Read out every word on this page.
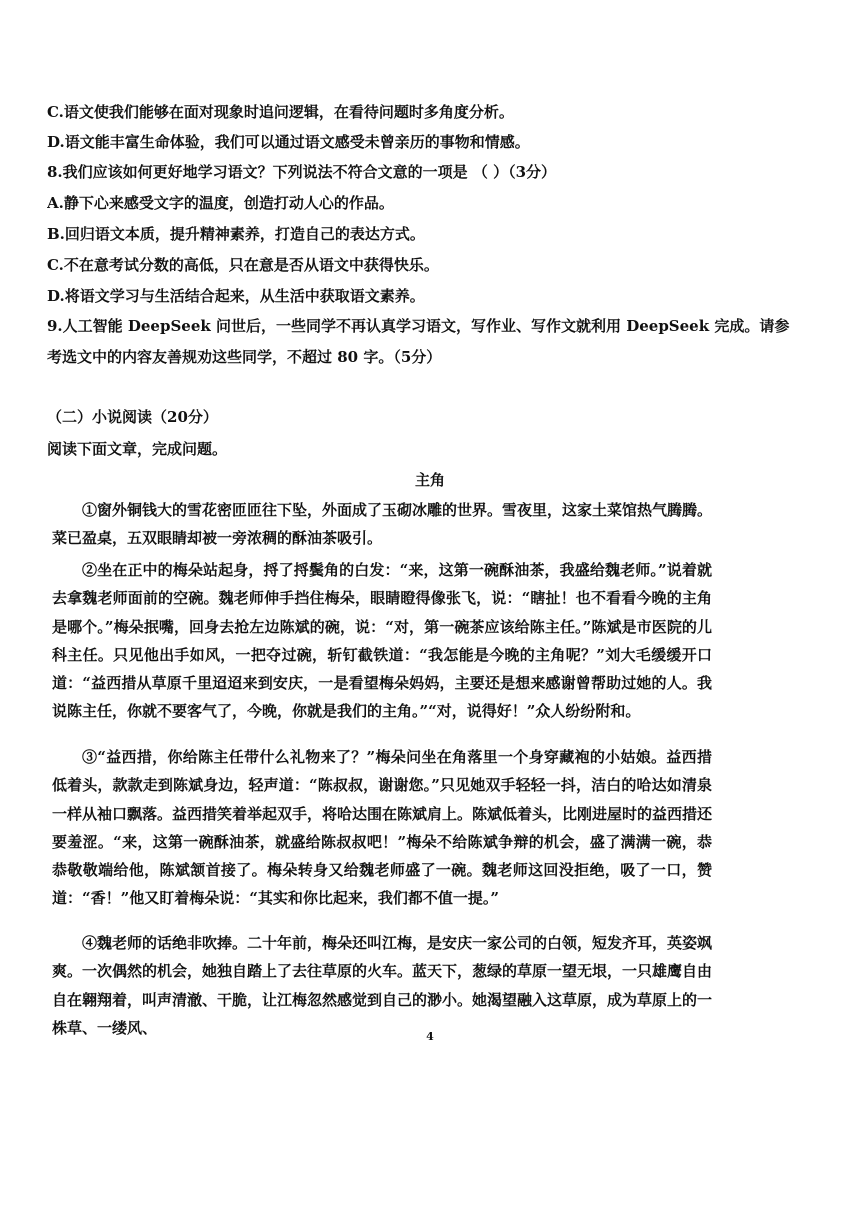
C.语文使我们能够在面对现象时追问逻辑，在看待问题时多角度分析。
D.语文能丰富生命体验，我们可以通过语文感受未曾亲历的事物和情感。
8.我们应该如何更好地学习语文？下列说法不符合文意的一项是 （ ）（3分）
A.静下心来感受文字的温度，创造打动人心的作品。
B.回归语文本质，提升精神素养，打造自己的表达方式。
C.不在意考试分数的高低，只在意是否从语文中获得快乐。
D.将语文学习与生活结合起来，从生活中获取语文素养。
9.人工智能 DeepSeek 问世后，一些同学不再认真学习语文，写作业、写作文就利用 DeepSeek 完成。请参
考选文中的内容友善规劝这些同学，不超过 80 字。（5分）
（二）小说阅读（20分）
阅读下面文章，完成问题。
主角
①窗外铜钱大的雪花密匝匝往下坠，外面成了玉砌冰雕的世界。雪夜里，这家土菜馆热气腾腾。菜已盈桌，五双眼睛却被一旁浓稠的酥油茶吸引。
②坐在正中的梅朵站起身，捋了捋鬓角的白发：“来，这第一碗酥油茶，我盛给魏老师。”说着就去拿魏老师面前的空碗。魏老师伸手挡住梅朵，眼睛瞪得像张飞，说：“瞎扯！也不看看今晚的主角是哪个。”梅朵抿嘴，回身去抢左边陈斌的碗，说：“对，第一碗茶应该给陈主任。”陈斌是市医院的儿科主任。只见他出手如风，一把夺过碗，斩钉截铁道：“我怎能是今晚的主角呢？”刘大毛缓缓开口道：“益西措从草原千里迢迢来到安庆，一是看望梅朵妈妈，主要还是想来感谢曾帮助过她的人。我说陈主任，你就不要客气了，今晚，你就是我们的主角。”“对，说得好！”众人纷纷附和。
③“益西措，你给陈主任带什么礼物来了？”梅朵问坐在角落里一个身穿藏袍的小姑娘。益西措低着头，款款走到陈斌身边，轻声道：“陈叔叔，谢谢您。”只见她双手轻轻一抖，洁白的哈达如清泉一样从袖口飘落。益西措笑着举起双手，将哈达围在陈斌肩上。陈斌低着头，比刚进屋时的益西措还要羞涩。“来，这第一碗酥油茶，就盛给陈叔叔吧！”梅朵不给陈斌争辩的机会，盛了满满一碗，恭恭敬敬端给他，陈斌颔首接了。梅朵转身又给魏老师盛了一碗。魏老师这回没拒绝，吸了一口，赞道：“香！”他又盯着梅朵说：“其实和你比起来，我们都不值一提。”
④魏老师的话绝非吹捧。二十年前，梅朵还叫江梅，是安庆一家公司的白领，短发齐耳，英姿飒爽。一次偶然的机会，她独自踏上了去往草原的火车。蓝天下，葱绿的草原一望无垠，一只雄鹰自由自在翱翔着，叫声清澈、干脆，让江梅忽然感觉到自己的渺小。她渴望融入这草原，成为草原上的一株草、一缕风、	4
